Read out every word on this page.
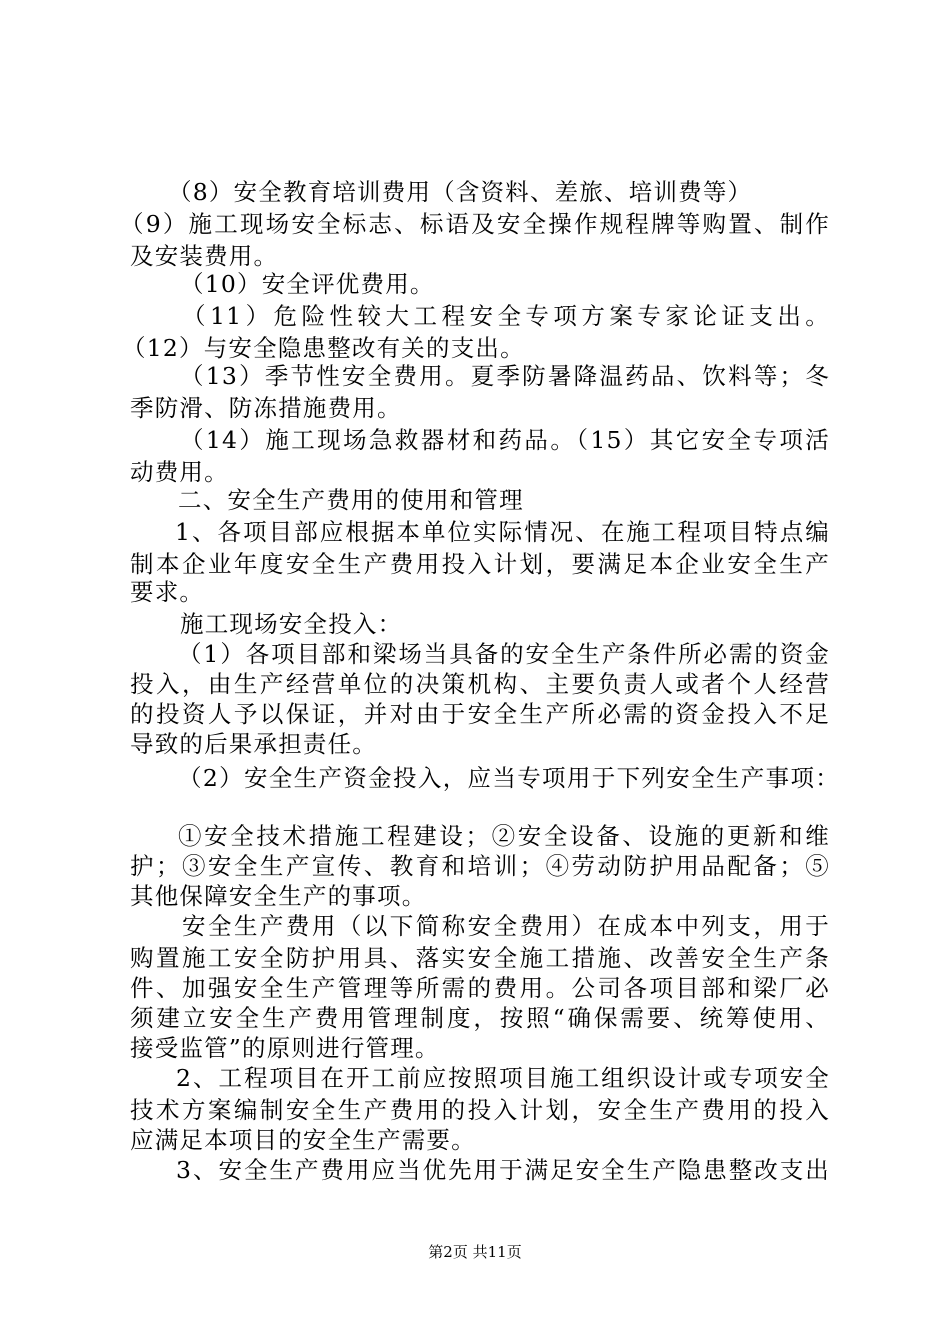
（8）安全教育培训费用（含资料、差旅、培训费等）
（9）施工现场安全标志、标语及安全操作规程牌等购置、制作
及安装费用。
（10）安全评优费用。
（11）危险性较大工程安全专项方案专家论证支出。
（12）与安全隐患整改有关的支出。
（13）季节性安全费用。夏季防暑降温药品、饮料等；冬
季防滑、防冻措施费用。
（14）施工现场急救器材和药品。（15）其它安全专项活
动费用。
二、安全生产费用的使用和管理
1、各项目部应根据本单位实际情况、在施工程项目特点编
制本企业年度安全生产费用投入计划，要满足本企业安全生产
要求。
施工现场安全投入：
（1）各项目部和梁场当具备的安全生产条件所必需的资金
投入，由生产经营单位的决策机构、主要负责人或者个人经营
的投资人予以保证，并对由于安全生产所必需的资金投入不足
导致的后果承担责任。
（2）安全生产资金投入，应当专项用于下列安全生产事项：
①安全技术措施工程建设；②安全设备、设施的更新和维
护；③安全生产宣传、教育和培训；④劳动防护用品配备；⑤
其他保障安全生产的事项。
安全生产费用（以下简称安全费用）在成本中列支，用于
购置施工安全防护用具、落实安全施工措施、改善安全生产条
件、加强安全生产管理等所需的费用。公司各项目部和梁厂必
须建立安全生产费用管理制度，按照“确保需要、统筹使用、
接受监管”的原则进行管理。
2、工程项目在开工前应按照项目施工组织设计或专项安全
技术方案编制安全生产费用的投入计划，安全生产费用的投入
应满足本项目的安全生产需要。
3、安全生产费用应当优先用于满足安全生产隐患整改支出
第2页 共11页
